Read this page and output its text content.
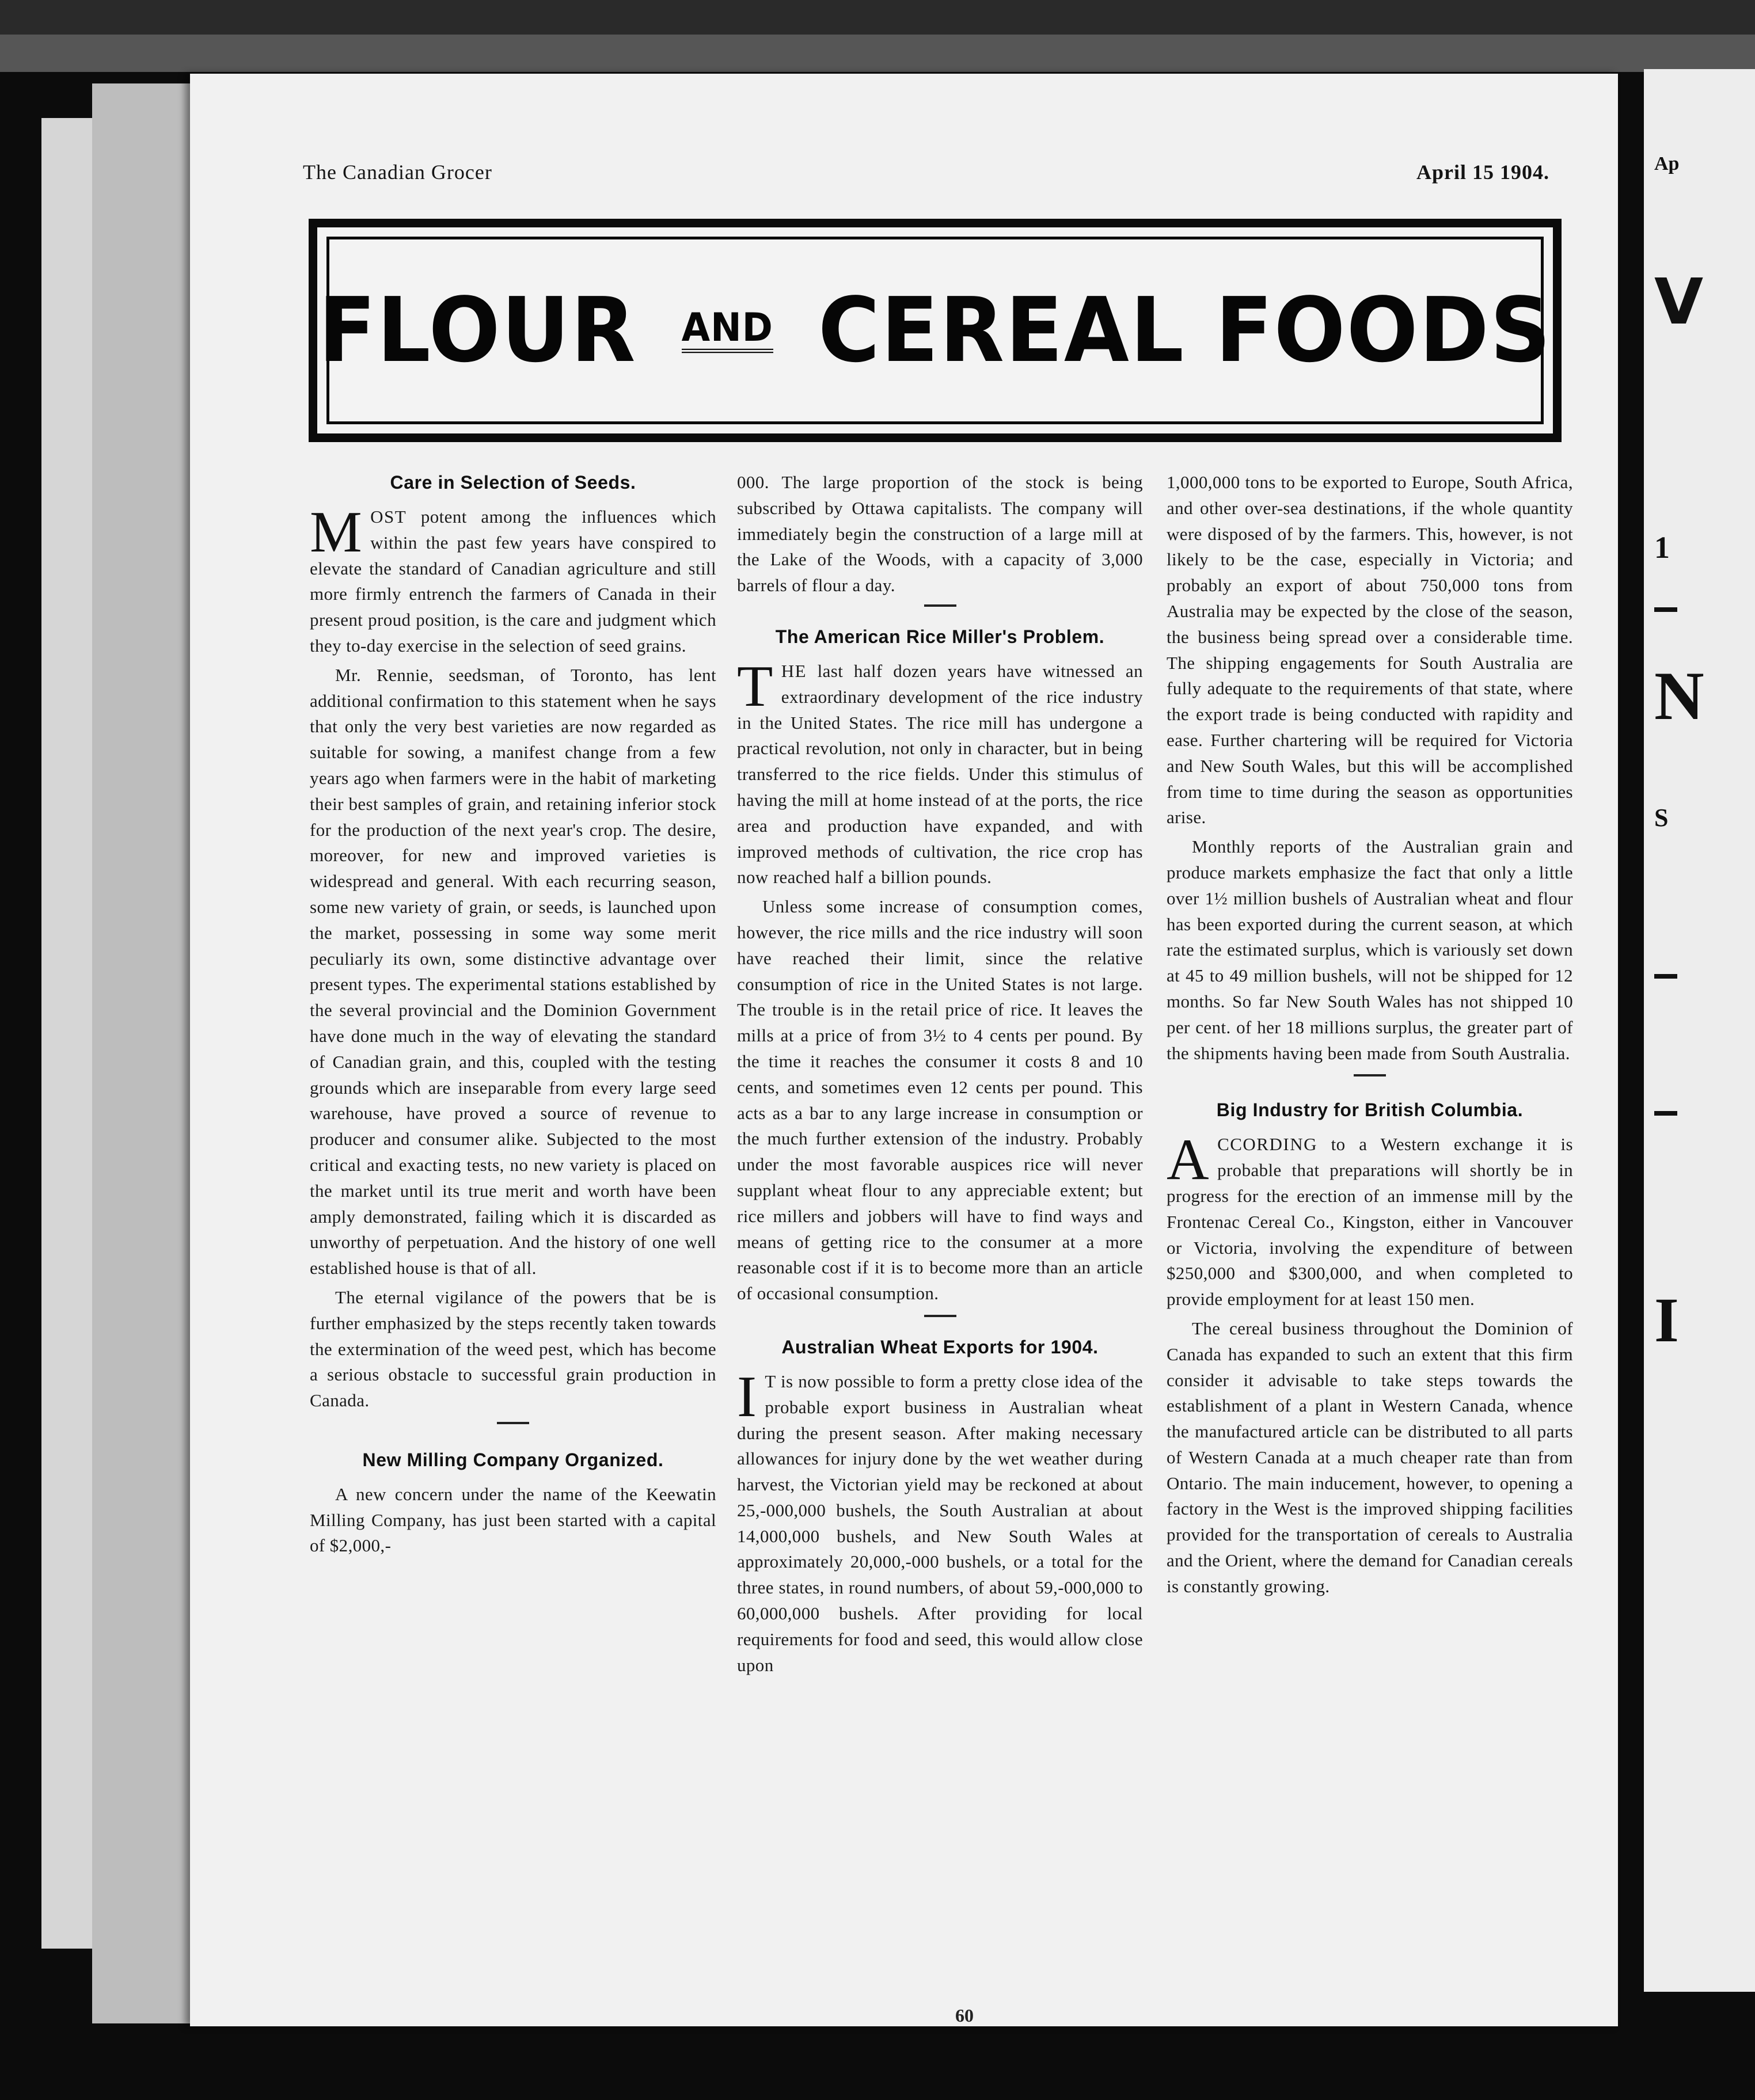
Ap
V
1
N
S
I
The Canadian Grocer	April 15 1904.
FLOUR AND CEREAL FOODS
Care in Selection of Seeds.

MOST potent among the influences which within the past few years have conspired to elevate the standard of Canadian agriculture and still more firmly entrench the farmers of Canada in their present proud position, is the care and judgment which they to-day exercise in the selection of seed grains.

Mr. Rennie, seedsman, of Toronto, has lent additional confirmation to this statement when he says that only the very best varieties are now regarded as suitable for sowing, a manifest change from a few years ago when farmers were in the habit of marketing their best samples of grain, and retaining inferior stock for the production of the next year's crop. The desire, moreover, for new and improved varieties is widespread and general. With each recurring season, some new variety of grain, or seeds, is launched upon the market, possessing in some way some merit peculiarly its own, some distinctive advantage over present types. The experimental stations established by the several provincial and the Dominion Government have done much in the way of elevating the standard of Canadian grain, and this, coupled with the testing grounds which are inseparable from every large seed warehouse, have proved a source of revenue to producer and consumer alike. Subjected to the most critical and exacting tests, no new variety is placed on the market until its true merit and worth have been amply demonstrated, failing which it is discarded as unworthy of perpetuation. And the history of one well established house is that of all.

The eternal vigilance of the powers that be is further emphasized by the steps recently taken towards the extermination of the weed pest, which has become a serious obstacle to successful grain production in Canada.

New Milling Company Organized.

A new concern under the name of the Keewatin Milling Company, has just been started with a capital of $2,000,-

000. The large proportion of the stock is being subscribed by Ottawa capitalists. The company will immediately begin the construction of a large mill at the Lake of the Woods, with a capacity of 3,000 barrels of flour a day.

The American Rice Miller's Problem.

THE last half dozen years have witnessed an extraordinary development of the rice industry in the United States. The rice mill has undergone a practical revolution, not only in character, but in being transferred to the rice fields. Under this stimulus of having the mill at home instead of at the ports, the rice area and production have expanded, and with improved methods of cultivation, the rice crop has now reached half a billion pounds.

Unless some increase of consumption comes, however, the rice mills and the rice industry will soon have reached their limit, since the relative consumption of rice in the United States is not large. The trouble is in the retail price of rice. It leaves the mills at a price of from 3½ to 4 cents per pound. By the time it reaches the consumer it costs 8 and 10 cents, and sometimes even 12 cents per pound. This acts as a bar to any large increase in consumption or the much further extension of the industry. Probably under the most favorable auspices rice will never supplant wheat flour to any appreciable extent; but rice millers and jobbers will have to find ways and means of getting rice to the consumer at a more reasonable cost if it is to become more than an article of occasional consumption.

Australian Wheat Exports for 1904.

I T is now possible to form a pretty close idea of the probable export business in Australian wheat during the present season. After making necessary allowances for injury done by the wet weather during harvest, the Victorian yield may be reckoned at about 25,-000,000 bushels, the South Australian at about 14,000,000 bushels, and New South Wales at approximately 20,000,-000 bushels, or a total for the three states, in round numbers, of about 59,-000,000 to 60,000,000 bushels. After providing for local requirements for food and seed, this would allow close upon

1,000,000 tons to be exported to Europe, South Africa, and other over-sea destinations, if the whole quantity were disposed of by the farmers. This, however, is not likely to be the case, especially in Victoria; and probably an export of about 750,000 tons from Australia may be expected by the close of the season, the business being spread over a considerable time. The shipping engagements for South Australia are fully adequate to the requirements of that state, where the export trade is being conducted with rapidity and ease. Further chartering will be required for Victoria and New South Wales, but this will be accomplished from time to time during the season as opportunities arise.

Monthly reports of the Australian grain and produce markets emphasize the fact that only a little over 1½ million bushels of Australian wheat and flour has been exported during the current season, at which rate the estimated surplus, which is variously set down at 45 to 49 million bushels, will not be shipped for 12 months. So far New South Wales has not shipped 10 per cent. of her 18 millions surplus, the greater part of the shipments having been made from South Australia.

Big Industry for British Columbia.

ACCORDING to a Western exchange it is probable that preparations will shortly be in progress for the erection of an immense mill by the Frontenac Cereal Co., Kingston, either in Vancouver or Victoria, involving the expenditure of between $250,000 and $300,000, and when completed to provide employment for at least 150 men.

The cereal business throughout the Dominion of Canada has expanded to such an extent that this firm consider it advisable to take steps towards the establishment of a plant in Western Canada, whence the manufactured article can be distributed to all parts of Western Canada at a much cheaper rate than from Ontario. The main inducement, however, to opening a factory in the West is the improved shipping facilities provided for the transportation of cereals to Australia and the Orient, where the demand for Canadian cereals is constantly growing.

60
